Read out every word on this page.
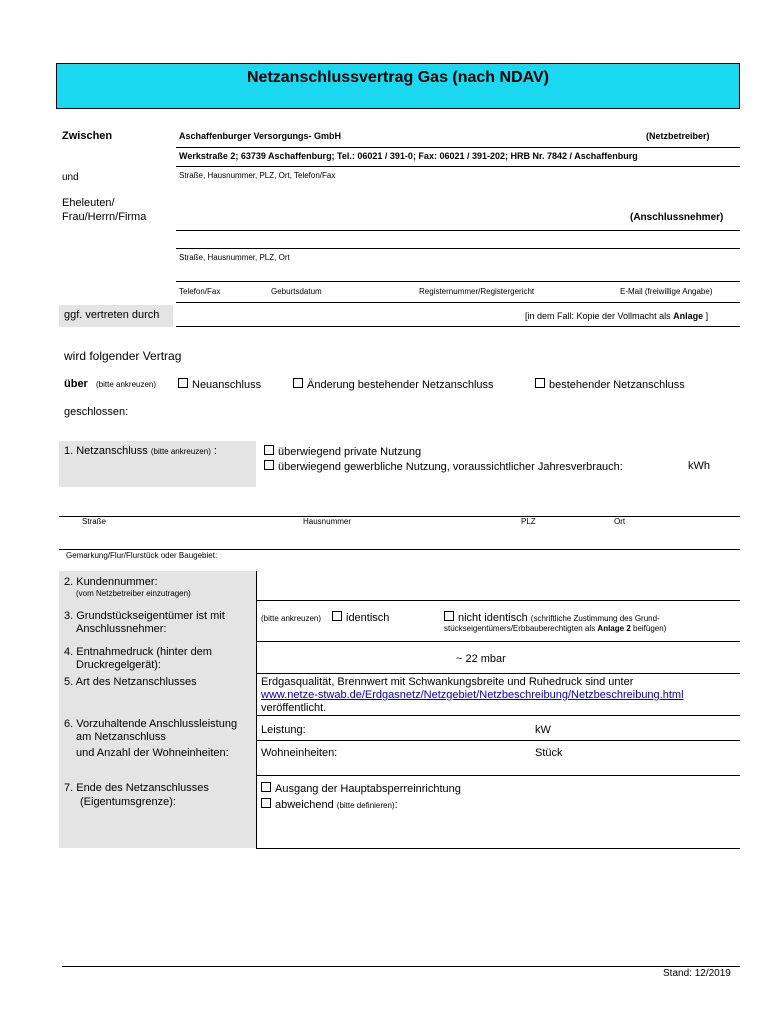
Netzanschlussvertrag Gas (nach NDAV)
Zwischen	Aschaffenburger Versorgungs- GmbH	(Netzbetreiber)
Werkstraße 2; 63739 Aschaffenburg; Tel.: 06021 / 391-0; Fax: 06021 / 391-202; HRB Nr. 7842 / Aschaffenburg
und	Straße, Hausnummer, PLZ, Ort, Telefon/Fax
Eheleuten/
Frau/Herrn/Firma	(Anschlussnehmer)
Straße, Hausnummer, PLZ, Ort
Telefon/Fax	Geburtsdatum	Registernummer/Registergericht	E-Mail (freiwillige Angabe)
ggf. vertreten durch	[in dem Fall: Kopie der Vollmacht als Anlage ]
wird folgender Vertrag
über (bitte ankreuzen)	Neuanschluss	Änderung bestehender Netzanschluss	bestehender Netzanschluss
geschlossen:
1. Netzanschluss (bitte ankreuzen) :	überwiegend private Nutzung
überwiegend gewerbliche Nutzung, voraussichtlicher Jahresverbrauch:	kWh
Straße	Hausnummer	PLZ	Ort
Gemarkung/Flur/Flurstück oder Baugebiet:
2. Kundennummer:
(vom Netzbetreiber einzutragen)
3. Grundstückseigentümer ist mit
Anschlussnehmer:
(bitte ankreuzen)	identisch	nicht identisch (schriftliche Zustimmung des Grund-
stückseigentümers/Erbbauberechtigten als Anlage 2 beifügen)
4. Entnahmedruck (hinter dem
Druckregelgerät):	~ 22 mbar
5. Art des Netzanschlusses	Erdgasqualität, Brennwert mit Schwankungsbreite und Ruhedruck sind unter
www.netze-stwab.de/Erdgasnetz/Netzgebiet/Netzbeschreibung/Netzbeschreibung.html
veröffentlicht.
6. Vorzuhaltende Anschlussleistung
am Netzanschluss
und Anzahl der Wohneinheiten:
Leistung:	kW
Wohneinheiten:	Stück
7. Ende des Netzanschlusses
(Eigentumsgrenze):
Ausgang der Hauptabsperreinrichtung
abweichend (bitte definieren):
Stand: 12/2019
